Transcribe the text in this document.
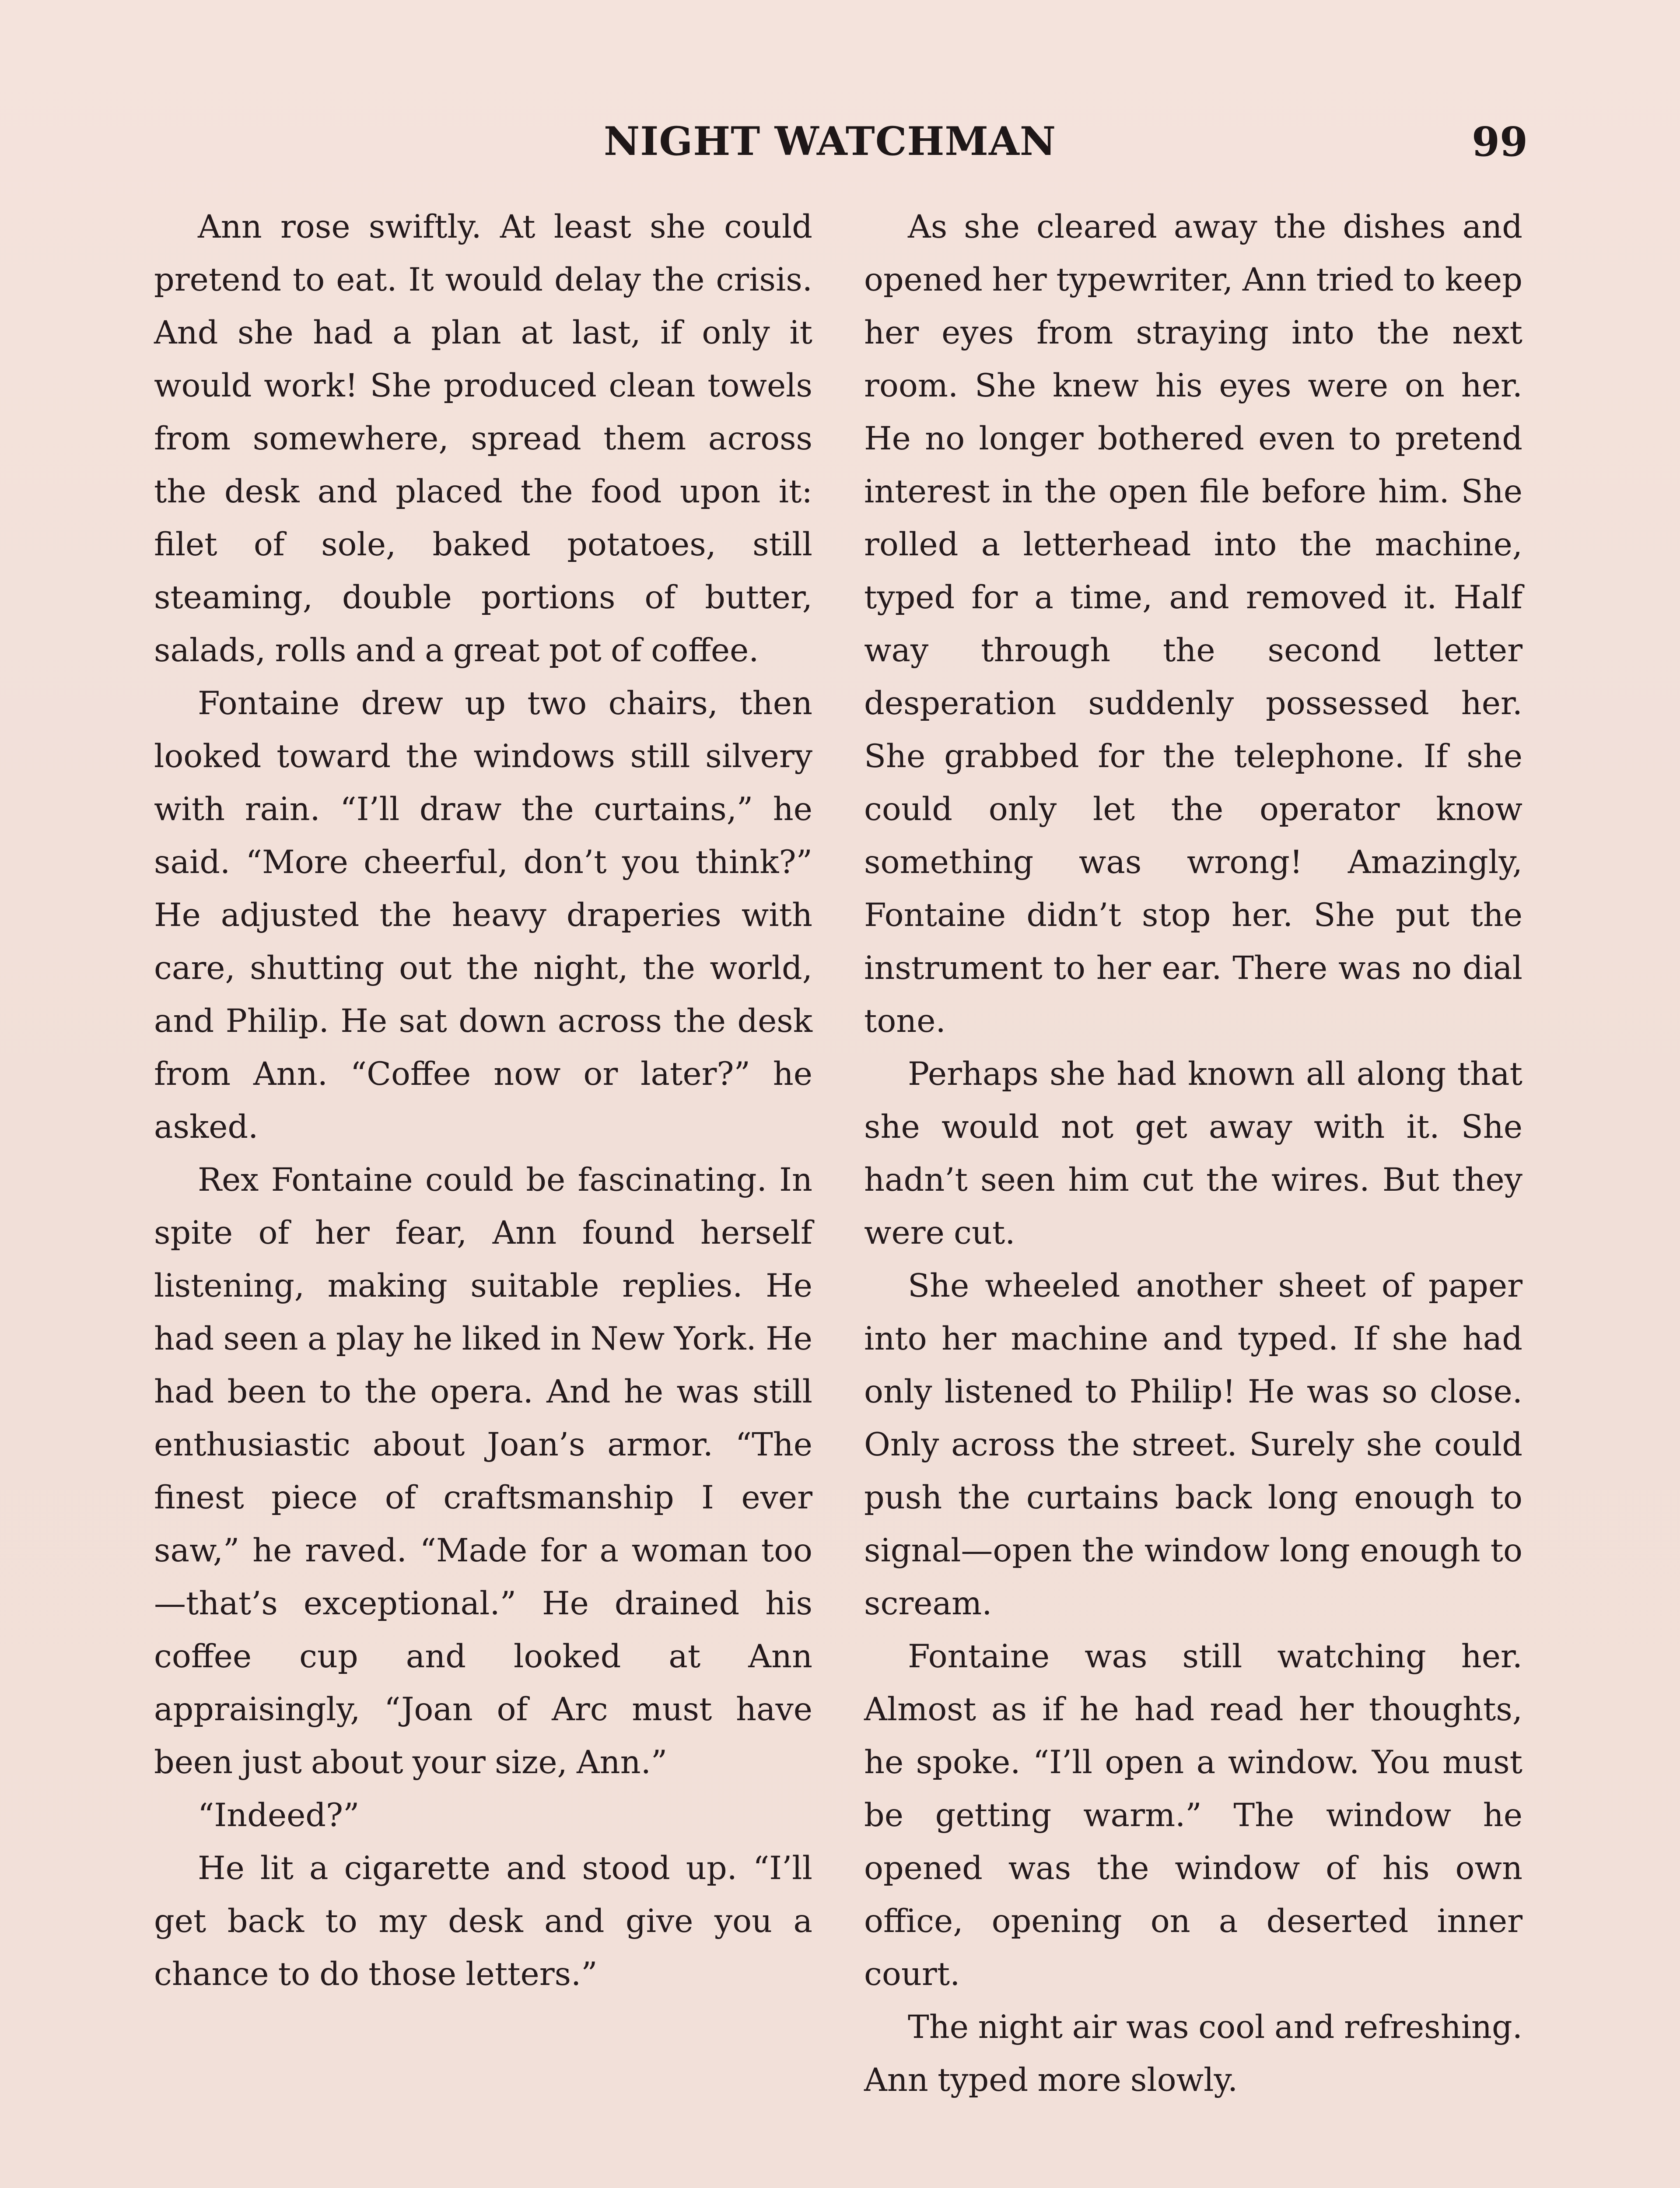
NIGHT WATCHMAN	99

Ann rose swiftly. At least she could pretend to eat. It would delay the crisis. And she had a plan at last, if only it would work! She produced clean towels from somewhere, spread them across the desk and placed the food upon it: filet of sole, baked potatoes, still steaming, double portions of butter, salads, rolls and a great pot of coffee.

Fontaine drew up two chairs, then looked toward the windows still silvery with rain. “I’ll draw the curtains,” he said. “More cheerful, don’t you think?” He adjusted the heavy draperies with care, shutting out the night, the world, and Philip. He sat down across the desk from Ann. “Coffee now or later?” he asked.

Rex Fontaine could be fascinating. In spite of her fear, Ann found herself listening, making suitable replies. He had seen a play he liked in New York. He had been to the opera. And he was still enthusiastic about Joan’s armor. “The finest piece of craftsmanship I ever saw,” he raved. “Made for a woman too—that’s exceptional.” He drained his coffee cup and looked at Ann appraisingly, “Joan of Arc must have been just about your size, Ann.”

“Indeed?”

He lit a cigarette and stood up. “I’ll get back to my desk and give you a chance to do those letters.”

As she cleared away the dishes and opened her typewriter, Ann tried to keep her eyes from straying into the next room. She knew his eyes were on her. He no longer bothered even to pretend interest in the open file before him. She rolled a letterhead into the machine, typed for a time, and removed it. Half way through the second letter desperation suddenly possessed her. She grabbed for the telephone. If she could only let the operator know something was wrong! Amazingly, Fontaine didn’t stop her. She put the instrument to her ear. There was no dial tone.

Perhaps she had known all along that she would not get away with it. She hadn’t seen him cut the wires. But they were cut.

She wheeled another sheet of paper into her machine and typed. If she had only listened to Philip! He was so close. Only across the street. Surely she could push the curtains back long enough to signal—open the window long enough to scream.

Fontaine was still watching her. Almost as if he had read her thoughts, he spoke. “I’ll open a window. You must be getting warm.” The window he opened was the window of his own office, opening on a deserted inner court.

The night air was cool and refreshing. Ann typed more slowly.
